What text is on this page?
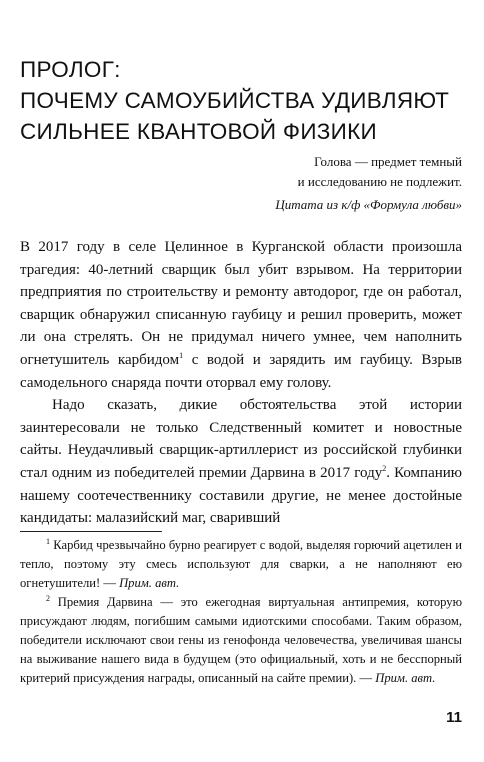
ПРОЛОГ:
ПОЧЕМУ САМОУБИЙСТВА УДИВЛЯЮТ
СИЛЬНЕЕ КВАНТОВОЙ ФИЗИКИ
Голова — предмет темный
и исследованию не подлежит.
Цитата из к/ф «Формула любви»

В 2017 году в селе Целинное в Курганской области произошла трагедия: 40-летний сварщик был убит взрывом. На территории предприятия по строительству и ремонту автодорог, где он работал, сварщик обнаружил списанную гаубицу и решил проверить, может ли она стрелять. Он не придумал ничего умнее, чем наполнить огнетушитель карбидом$^1$ с водой и зарядить им гаубицу. Взрыв самодельного снаряда почти оторвал ему голову.

Надо сказать, дикие обстоятельства этой истории заинтересовали не только Следственный комитет и новостные сайты. Неудачливый сварщик-артиллерист из российской глубинки стал одним из победителей премии Дарвина в 2017 году$^2$. Компанию нашему соотечественнику составили другие, не менее достойные кандидаты: малазийский маг, сваривший

$^1$ Карбид чрезвычайно бурно реагирует с водой, выделяя горючий ацетилен и тепло, поэтому эту смесь используют для сварки, а не наполняют ею огнетушители! — Прим. авт.

$^2$ Премия Дарвина — это ежегодная виртуальная антипремия, которую присуждают людям, погибшим самыми идиотскими способами. Таким образом, победители исключают свои гены из генофонда человечества, увеличивая шансы на выживание нашего вида в будущем (это официальный, хоть и не бесспорный критерий присуждения награды, описанный на сайте премии). — Прим. авт.

11
